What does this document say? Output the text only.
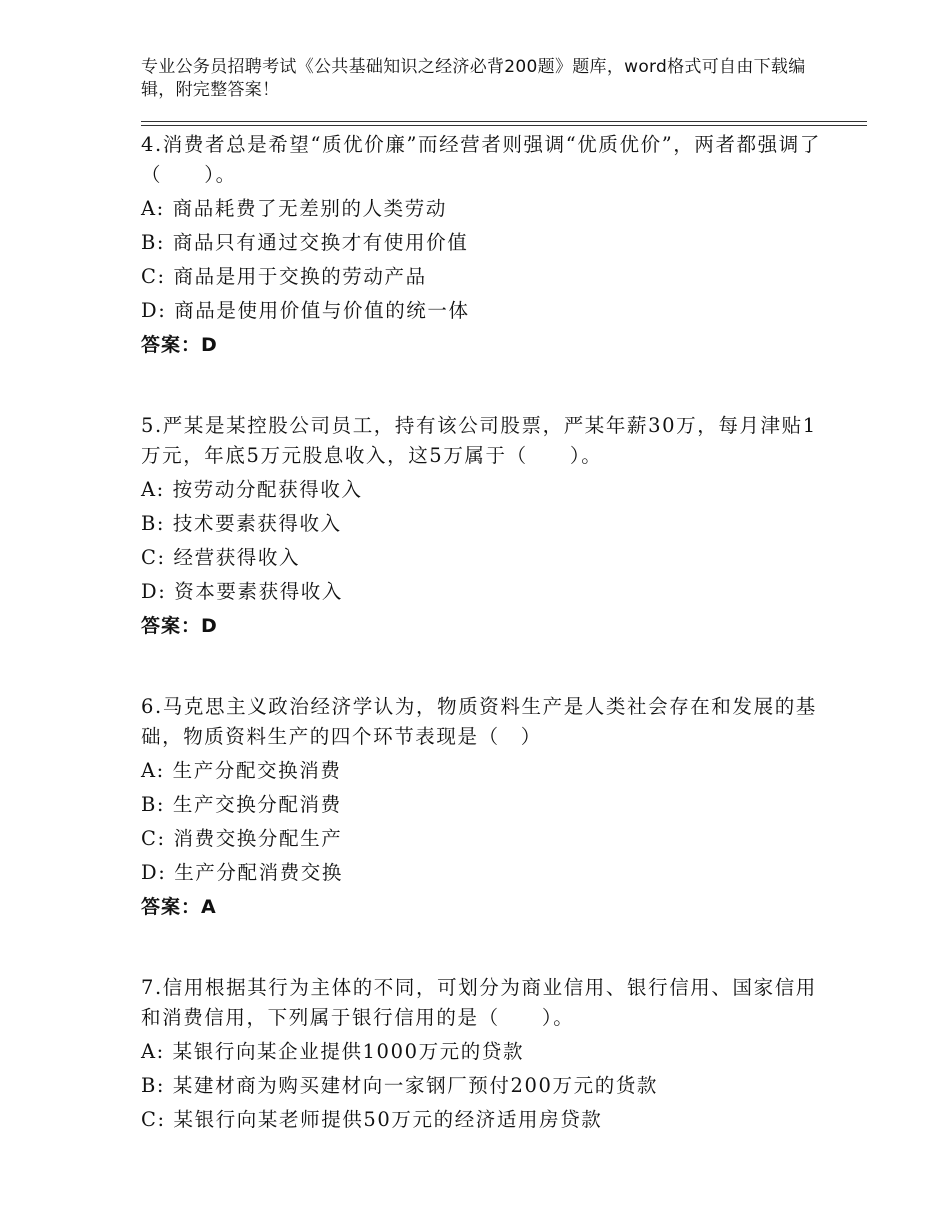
专业公务员招聘考试《公共基础知识之经济必背200题》题库，word格式可自由下载编辑，附完整答案！
4.消费者总是希望“质优价廉”而经营者则强调“优质优价”，两者都强调了（　　）。
A: 商品耗费了无差别的人类劳动
B: 商品只有通过交换才有使用价值
C: 商品是用于交换的劳动产品
D: 商品是使用价值与价值的统一体
答案：D
5.严某是某控股公司员工，持有该公司股票，严某年薪30万，每月津贴1万元，年底5万元股息收入，这5万属于（　　）。
A: 按劳动分配获得收入
B: 技术要素获得收入
C: 经营获得收入
D: 资本要素获得收入
答案：D
6.马克思主义政治经济学认为，物质资料生产是人类社会存在和发展的基础，物质资料生产的四个环节表现是（　）
A: 生产分配交换消费
B: 生产交换分配消费
C: 消费交换分配生产
D: 生产分配消费交换
答案：A
7.信用根据其行为主体的不同，可划分为商业信用、银行信用、国家信用和消费信用，下列属于银行信用的是（　　）。
A: 某银行向某企业提供1000万元的贷款
B: 某建材商为购买建材向一家钢厂预付200万元的货款
C: 某银行向某老师提供50万元的经济适用房贷款
